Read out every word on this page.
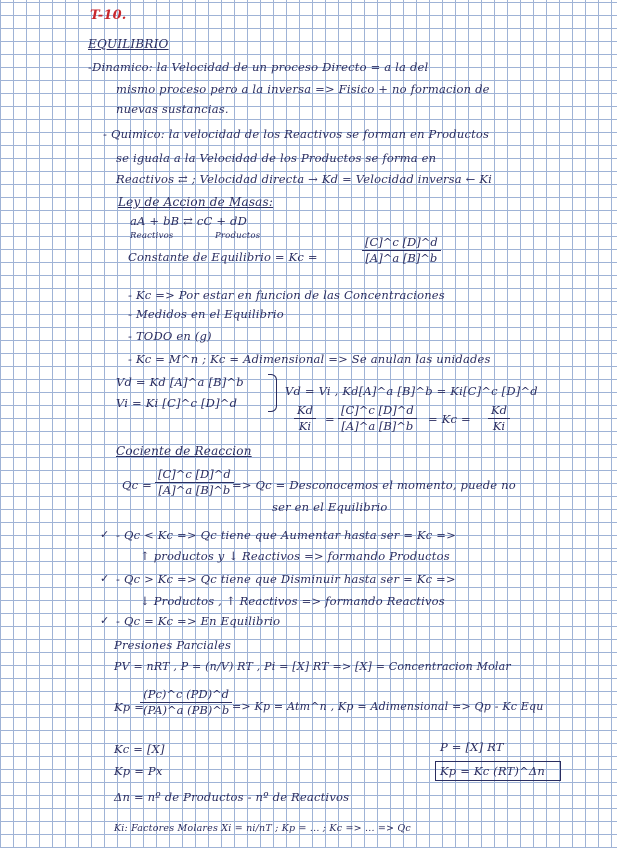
T-10.
EQUILIBRIO
-Dinamico: la Velocidad de un proceso Directo = a la del
mismo proceso pero a la inversa => Fisico + no formacion de
nuevas sustancias.
- Quimico: la velocidad de los Reactivos se forman en Productos
se iguala a la Velocidad de los Productos se forma en
Reactivos ⇄ ; Velocidad directa → Kd = Velocidad inversa ← Ki
Ley de Accion de Masas:
aA + bB ⇄ cC + dD
Reactivos	Productos
Constante de Equilibrio = Kc =	$\frac{[C]\^{}c [D]\^{}d}{[A]\^{}a [B]\^{}b}$
- Kc => Por estar en funcion de las Concentraciones
- Medidos en el Equilibrio
- TODO en (g)
- Kc = M^n ; Kc = Adimensional => Se anulan las unidades
Vd = Kd [A]^a [B]^b
Vi = Ki [C]^c [D]^d
Vd = Vi , Kd[A]^a [B]^b = Ki[C]^c [D]^d
$\frac{Kd}{Ki} = \frac{[C]\^{}c [D]\^{}d}{[A]\^{}a [B]\^{}b} = Kc = \frac{Kd}{Ki}$
Cociente de Reaccion
$Qc = \frac{[C]\^{}c [D]\^{}d}{[A]\^{}a [B]\^{}b}$
=> Qc = Desconocemos el momento, puede no
ser en el Equilibrio
✓ - Qc < Kc => Qc tiene que Aumentar hasta ser = Kc =>
↑ productos y ↓ Reactivos => formando Productos
✓ - Qc > Kc => Qc tiene que Disminuir hasta ser = Kc =>
↓ Productos , ↑ Reactivos => formando Reactivos
✓ - Qc = Kc => En Equilibrio
Presiones Parciales
PV = nRT , P = (n/V) RT , Pi = [X] RT => [X] = Concentracion Molar
Kp =
$\frac{(Pc)\^{}c (PD)\^{}d}{(PA)\^{}a (PB)\^{}b} => Kp$ = Atm^n , Kp = Adimensional => Qp - Kc Equ
Kc = [X]	P = [X] RT
Kp = Px	Kp = Kc (RT)^Δn
Δn = nº de Productos - nº de Reactivos
Ki: Factores Molares Xi = ni/nT ; Kp = ... ; Kc => ... => Qc
